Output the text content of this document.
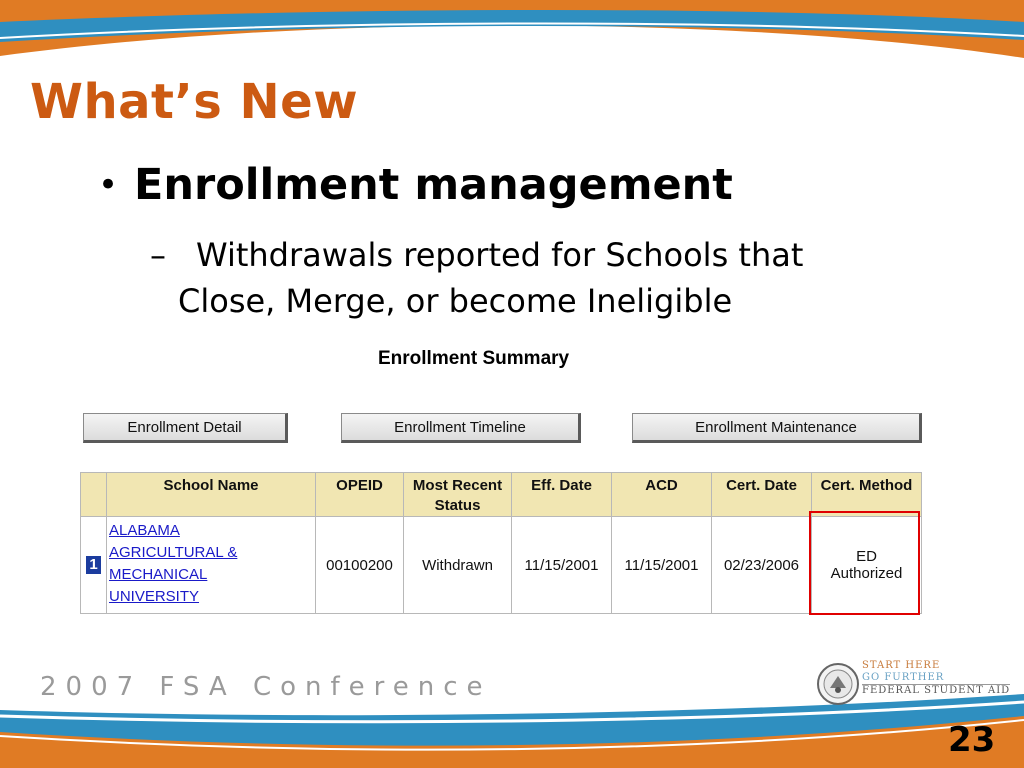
What’s New
• Enrollment management
– Withdrawals reported for Schools that
Close, Merge, or become Ineligible
Enrollment Summary
Enrollment Detail	Enrollment Timeline	Enrollment Maintenance
	School Name	OPEID	Most Recent Status	Eff. Date	ACD	Cert. Date	Cert. Method
1	ALABAMA
AGRICULTURAL &
MECHANICAL
UNIVERSITY	00100200	Withdrawn	11/15/2001	11/15/2001	02/23/2006	ED
Authorized
2007 FSA Conference
START HERE
GO FURTHER
FEDERAL STUDENT AID
23
